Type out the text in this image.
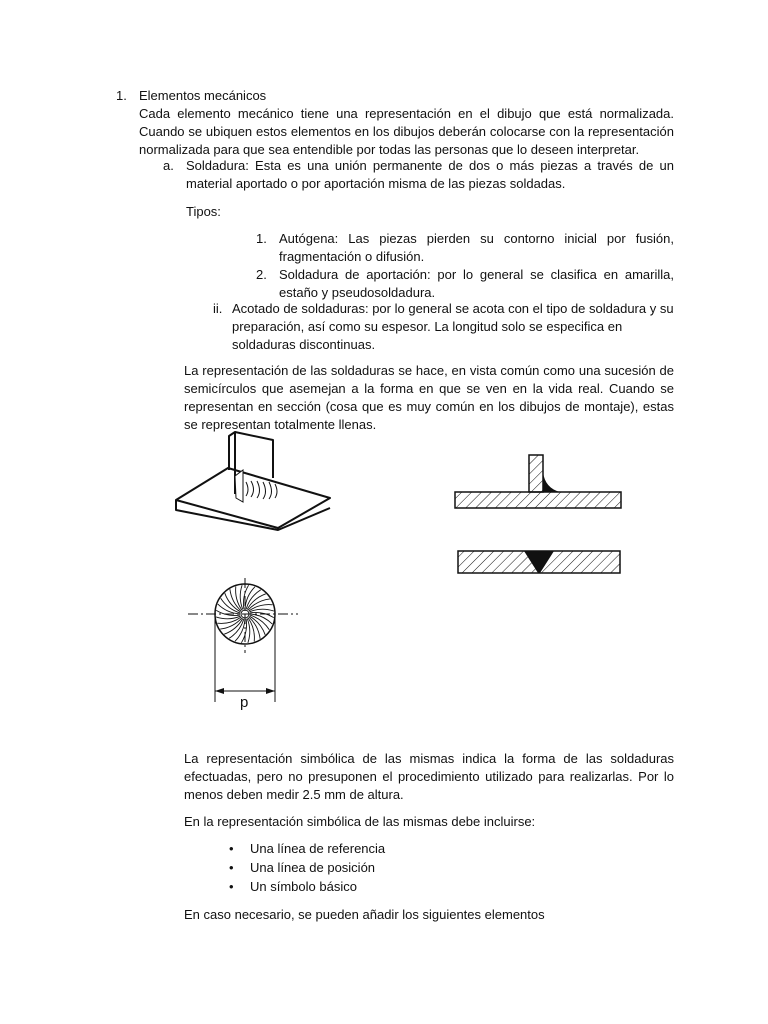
1. Elementos mecánicos
Cada elemento mecánico tiene una representación en el dibujo que está normalizada. Cuando se ubiquen estos elementos en los dibujos deberán colocarse con la representación normalizada para que sea entendible por todas las personas que lo deseen interpretar.
a. Soldadura: Esta es una unión permanente de dos o más piezas a través de un material aportado o por aportación misma de las piezas soldadas.
Tipos:
1. Autógena: Las piezas pierden su contorno inicial por fusión, fragmentación o difusión.
2. Soldadura de aportación: por lo general se clasifica en amarilla, estaño y pseudosoldadura.
ii. Acotado de soldaduras: por lo general se acota con el tipo de soldadura y su preparación, así como su espesor. La longitud solo se especifica en soldaduras discontinuas.
La representación de las soldaduras se hace, en vista común como una sucesión de semicírculos que asemejan a la forma en que se ven en la vida real. Cuando se representan en sección (cosa que es muy común en los dibujos de montaje), estas se representan totalmente llenas.
p
La representación simbólica de las mismas indica la forma de las soldaduras efectuadas, pero no presuponen el procedimiento utilizado para realizarlas. Por lo menos deben medir 2.5 mm de altura.
En la representación simbólica de las mismas debe incluirse:
• Una línea de referencia
• Una línea de posición
• Un símbolo básico
En caso necesario, se pueden añadir los siguientes elementos
